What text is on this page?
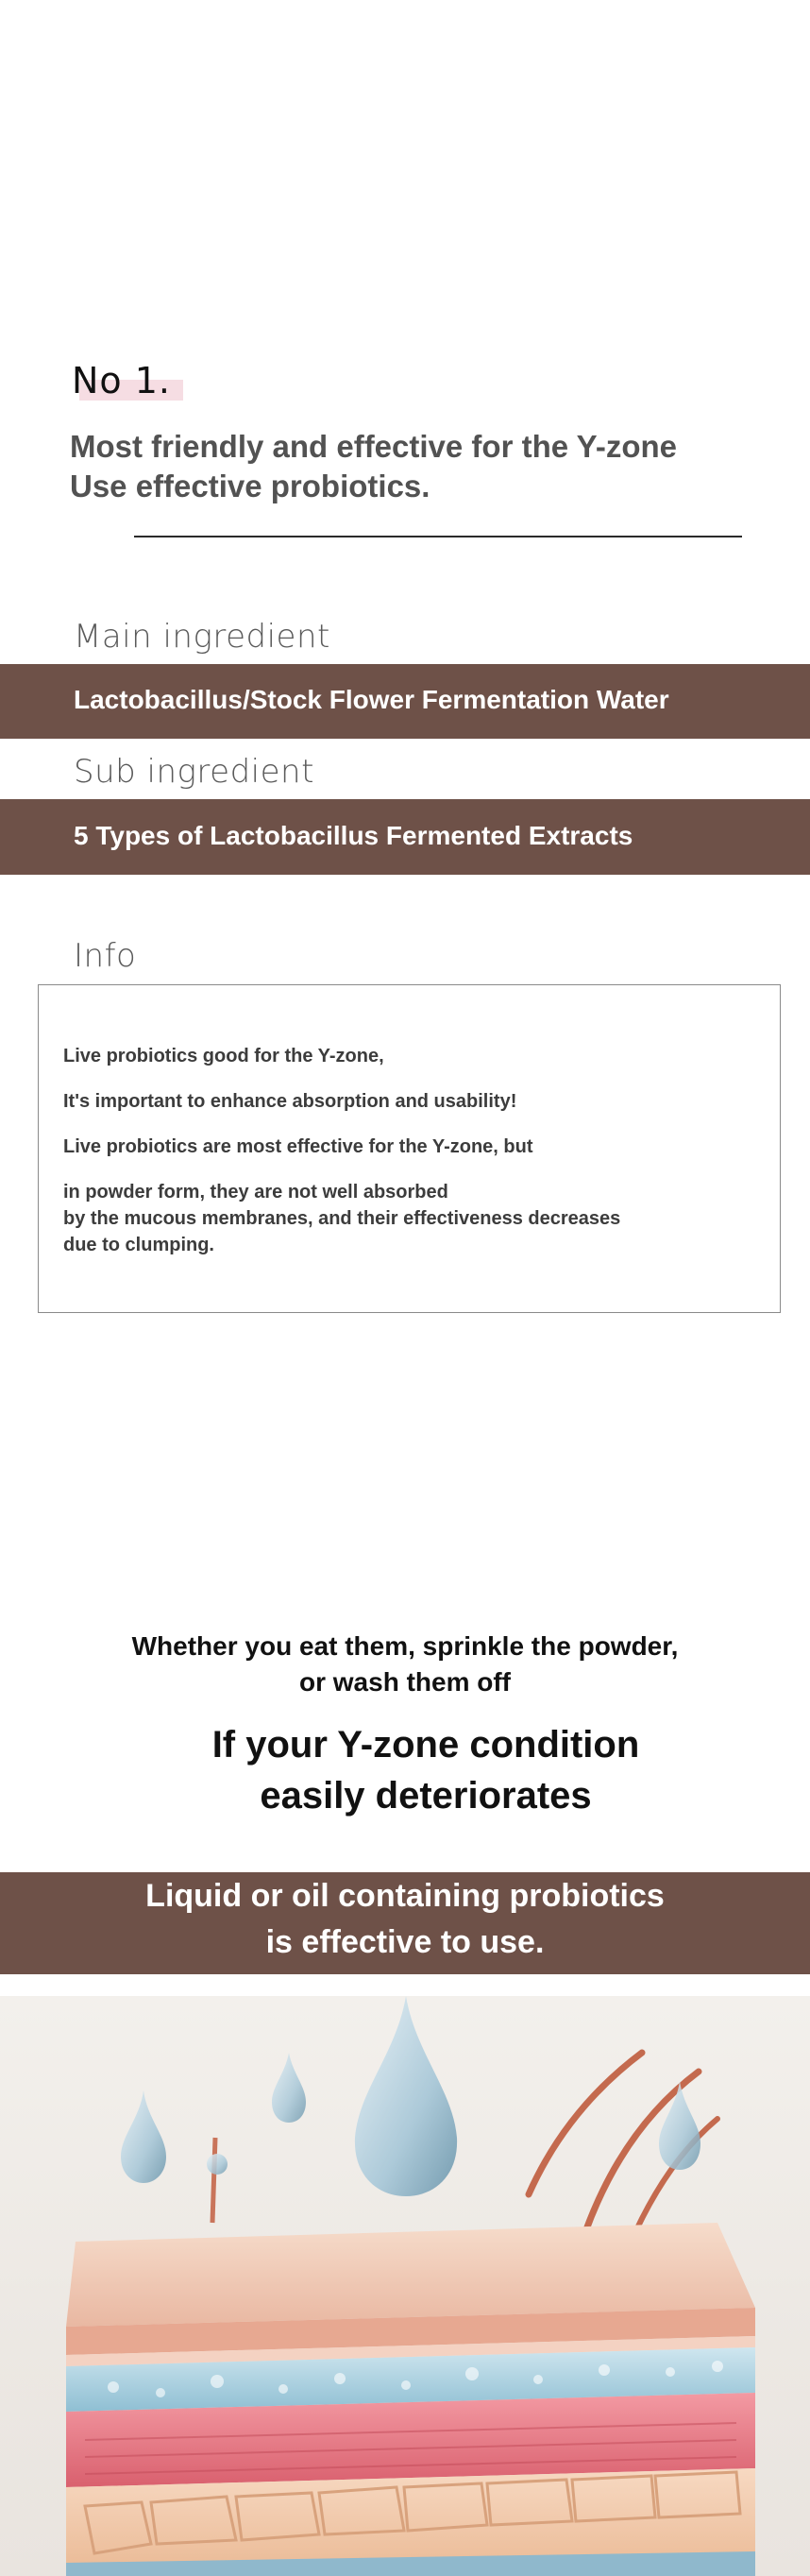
No 1.
Most friendly and effective for the Y-zone
Use effective probiotics.
Main ingredient
Lactobacillus/Stock Flower Fermentation Water
Sub ingredient
5 Types of Lactobacillus Fermented Extracts
Info
Live probiotics good for the Y-zone,
It's important to enhance absorption and usability!
Live probiotics are most effective for the Y-zone, but
in powder form, they are not well absorbed
by the mucous membranes, and their effectiveness decreases
due to clumping.
Whether you eat them, sprinkle the powder,
or wash them off
If your Y-zone condition
easily deteriorates
Liquid or oil containing probiotics
is effective to use.
